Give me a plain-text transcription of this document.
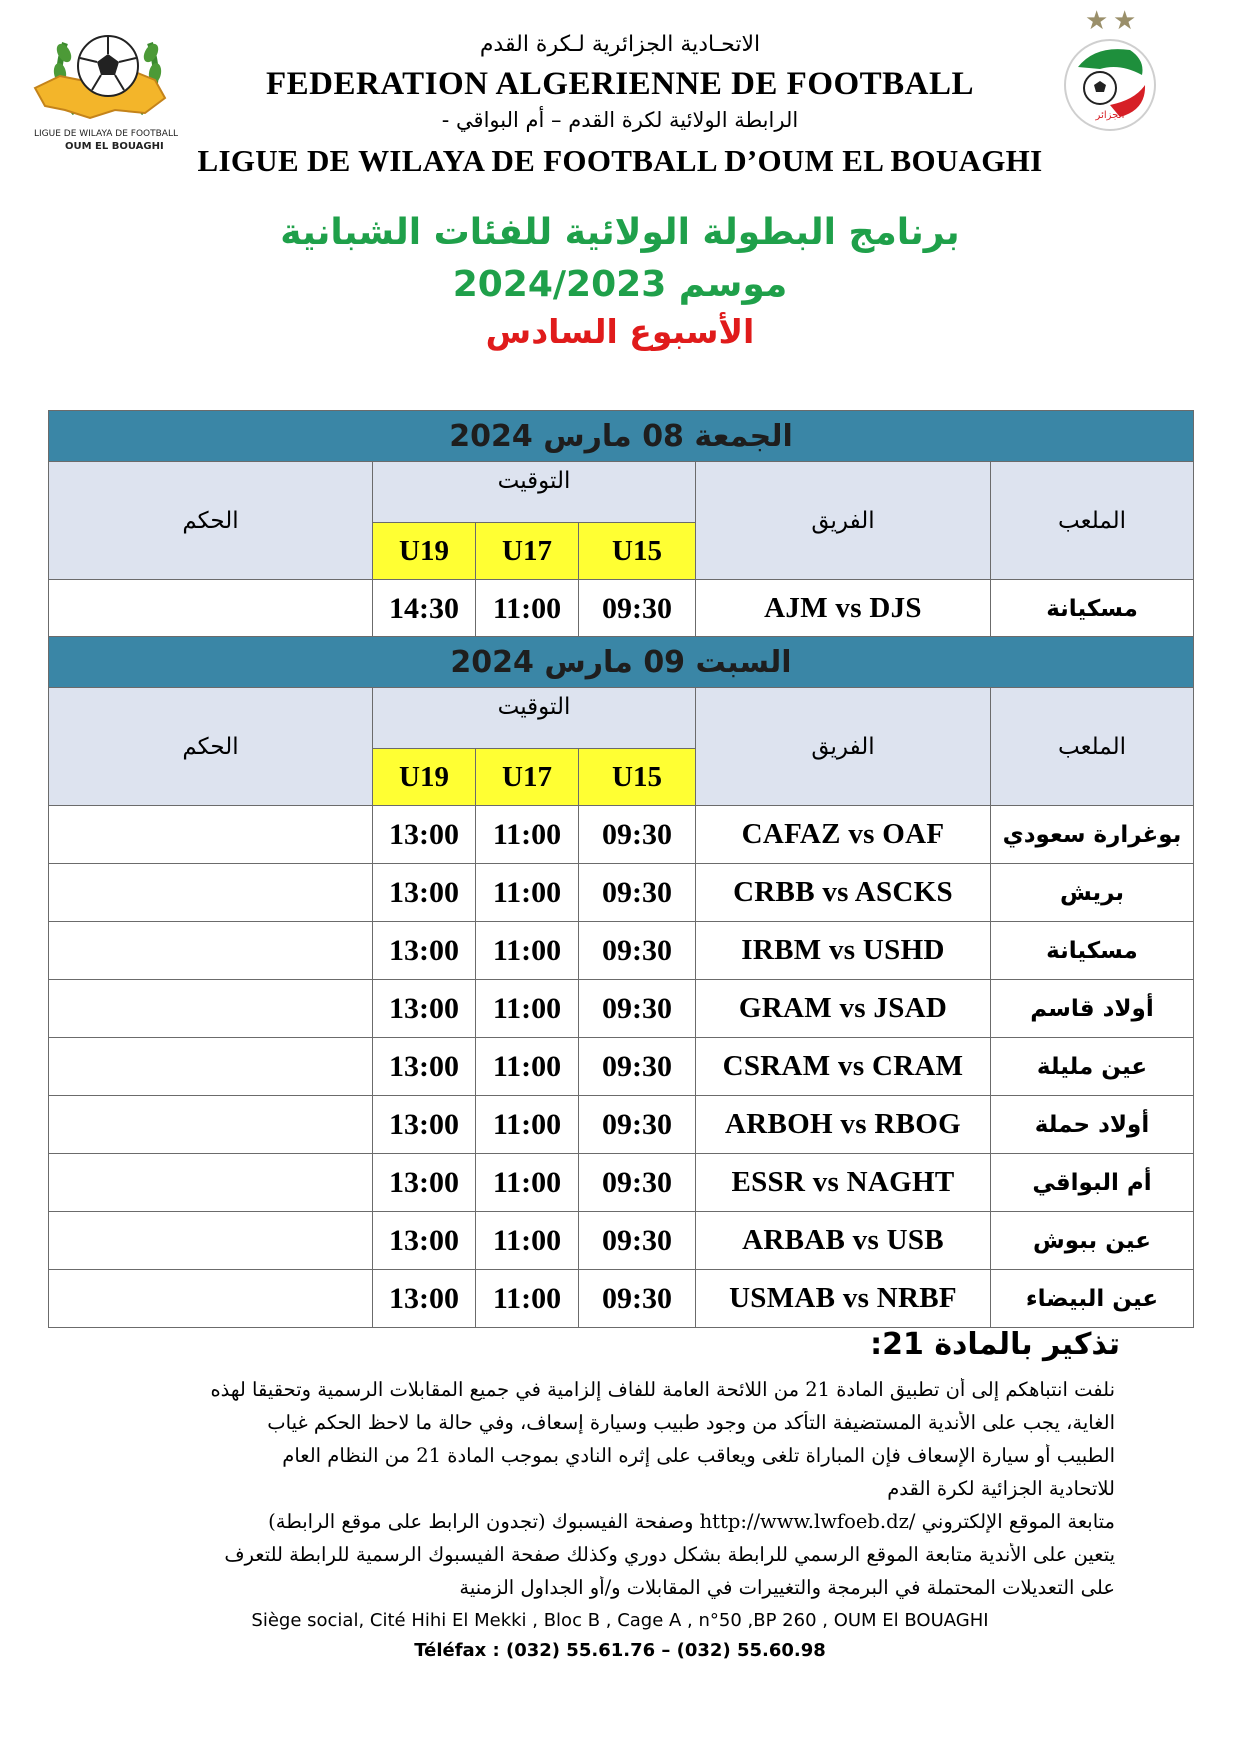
LIGUE DE WILAYA DE FOOTBALL
OUM EL BOUAGHI
★ ★
الجزائر
الاتحـادية الجزائرية لـكرة القدم
FEDERATION ALGERIENNE DE FOOTBALL
الرابطة الولائية لكرة القدم – أم البواقي -
LIGUE DE WILAYA DE FOOTBALL D’OUM EL BOUAGHI
برنامج البطولة الولائية للفئات الشبانية
موسم 2024/2023
الأسبوع السادس
الجمعة 08 مارس 2024					
الحكم	التوقيت			الفريق	الملعب
	U19	U17	U15		
	14:30	11:00	09:30	AJM vs DJS	مسكيانة
السبت 09 مارس 2024					
الحكم	التوقيت			الفريق	الملعب
	U19	U17	U15		
	13:00	11:00	09:30	CAFAZ vs OAF	بوغرارة سعودي
	13:00	11:00	09:30	CRBB vs ASCKS	بريش
	13:00	11:00	09:30	IRBM vs USHD	مسكيانة
	13:00	11:00	09:30	GRAM vs JSAD	أولاد قاسم
	13:00	11:00	09:30	CSRAM vs CRAM	عين مليلة
	13:00	11:00	09:30	ARBOH vs RBOG	أولاد حملة
	13:00	11:00	09:30	ESSR vs NAGHT	أم البواقي
	13:00	11:00	09:30	ARBAB vs USB	عين ببوش
	13:00	11:00	09:30	USMAB vs NRBF	عين البيضاء
تذكير بالمادة 21:
نلفت انتباهكم إلى أن تطبيق المادة 21 من اللائحة العامة للفاف إلزامية في جميع المقابلات الرسمية وتحقيقا لهذه
الغاية، يجب على الأندية المستضيفة التأكد من وجود طبيب وسيارة إسعاف، وفي حالة ما لاحظ الحكم غياب
الطبيب أو سيارة الإسعاف فإن المباراة تلغى ويعاقب على إثره النادي بموجب المادة 21 من النظام العام
للاتحادية الجزائية لكرة القدم
متابعة الموقع الإلكتروني /http://www.lwfoeb.dz وصفحة الفيسبوك (تجدون الرابط على موقع الرابطة)
يتعين على الأندية متابعة الموقع الرسمي للرابطة بشكل دوري وكذلك صفحة الفيسبوك الرسمية للرابطة للتعرف
على التعديلات المحتملة في البرمجة والتغييرات في المقابلات و/أو الجداول الزمنية
Siège social, Cité Hihi El Mekki , Bloc B , Cage A , n°50 ,BP 260 , OUM El BOUAGHI
Téléfax : (032) 55.61.76 – (032) 55.60.98
